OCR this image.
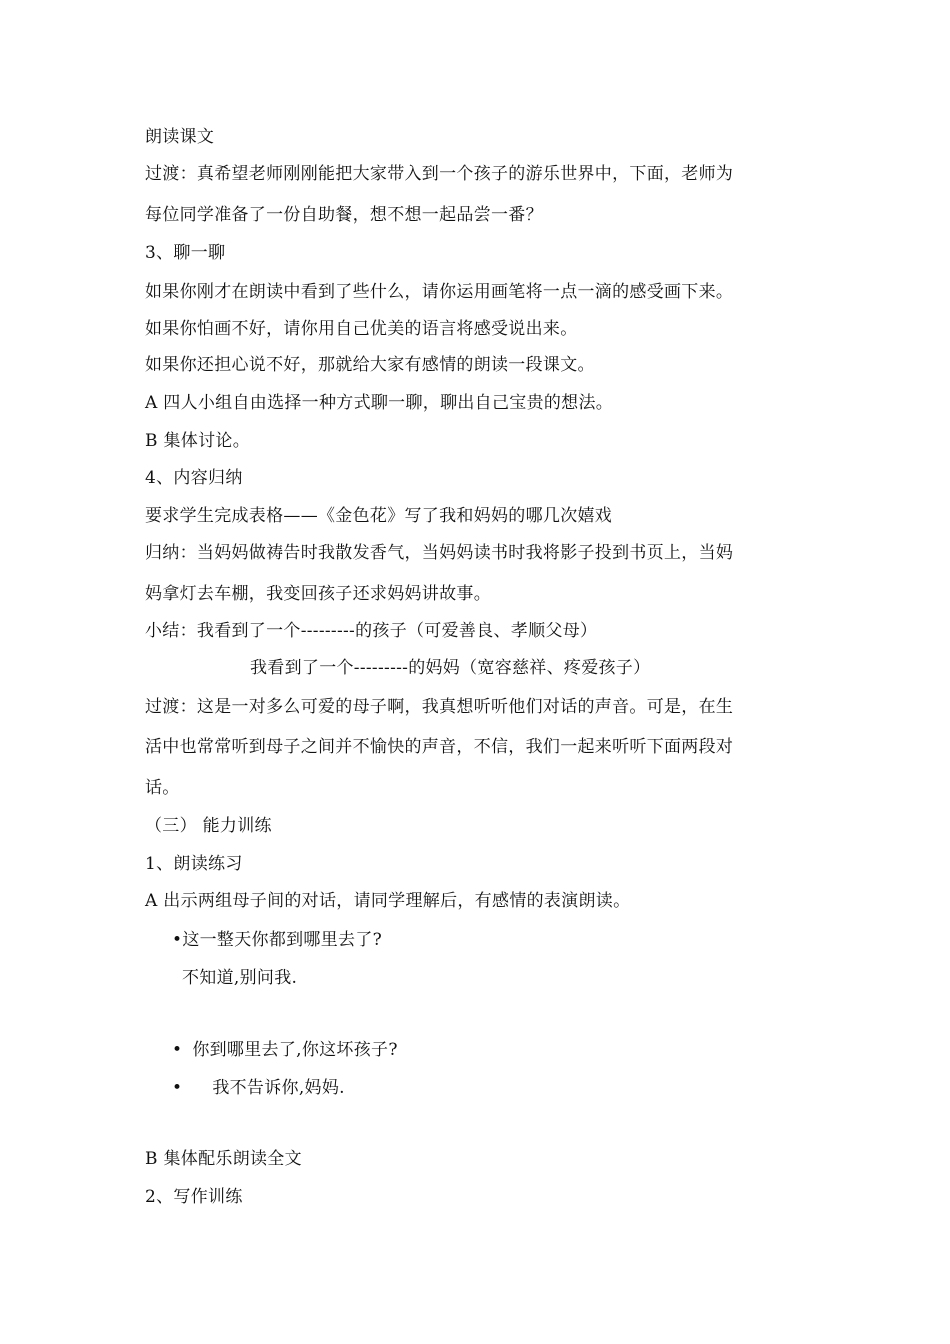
朗读课文
过渡：真希望老师刚刚能把大家带入到一个孩子的游乐世界中，下面，老师为
每位同学准备了一份自助餐，想不想一起品尝一番？
3、聊一聊
如果你刚才在朗读中看到了些什么，请你运用画笔将一点一滴的感受画下来。
如果你怕画不好，请你用自己优美的语言将感受说出来。
如果你还担心说不好，那就给大家有感情的朗读一段课文。
A 四人小组自由选择一种方式聊一聊，聊出自己宝贵的想法。
B 集体讨论。
4、内容归纳
要求学生完成表格——《金色花》写了我和妈妈的哪几次嬉戏
归纳：当妈妈做祷告时我散发香气，当妈妈读书时我将影子投到书页上，当妈
妈拿灯去车棚，我变回孩子还求妈妈讲故事。
小结：我看到了一个---------的孩子（可爱善良、孝顺父母）
我看到了一个---------的妈妈（宽容慈祥、疼爱孩子）
过渡：这是一对多么可爱的母子啊，我真想听听他们对话的声音。可是，在生
活中也常常听到母子之间并不愉快的声音，不信，我们一起来听听下面两段对
话。
（三） 能力训练
1、朗读练习
A 出示两组母子间的对话，请同学理解后，有感情的表演朗读。
•这一整天你都到哪里去了?
不知道,别问我.
• 你到哪里去了,你这坏孩子?
• 我不告诉你,妈妈.
B 集体配乐朗读全文
2、写作训练
